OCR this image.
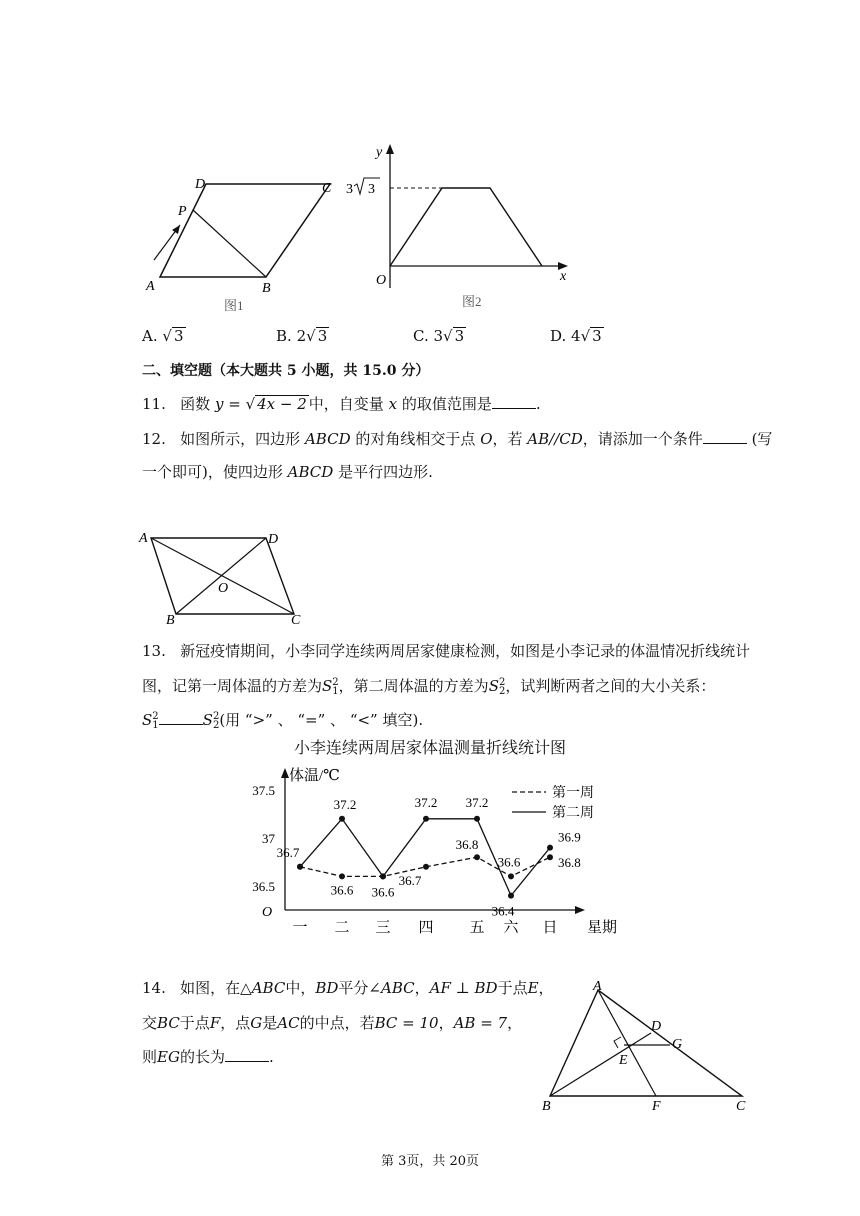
A	B
C
D
P
图1
y
x
O
3 3
图2
A. √ 3	B. 2√ 3	C. 3√ 3	D. 4√ 3
二、填空题（本大题共 5 小题，共 15.0 分）
11. 函数 y = √ 4x − 2 中，自变量 x 的取值范围是	.
12. 如图所示，四边形 ABCD 的对角线相交于点 O，若 AB//CD，请添加一个条件	(写
一个即可)，使四边形 ABCD 是平行四边形.
A
B	C
D
O
13. 新冠疫情期间，小李同学连续两周居家健康检测，如图是小李记录的体温情况折线统计
图，记第一周体温的方差为S2
1，第二周体温的方差为S2
2，试判断两者之间的大小关系：
S2
1	S2
2(用 “>” 、 “=” 、 “<” 填空).
小李连续两周居家体温测量折线统计图
体温/℃
星期
O
36.5
37
37.5
一 二 三 四 五 六 日
36.7
36.6 36.6
36.7
36.8
36.6	36.8
37.2	37.2 37.2
36.4
36.9
第一周
第二周
14. 如图，在△ABC中，BD平分∠ABC，AF ⊥ BD于点E，
交BC于点F，点G是AC的中点，若BC = 10，AB = 7，
则EG的长为	.
A
B	C
D
E
F
G
第 3页，共 20页
